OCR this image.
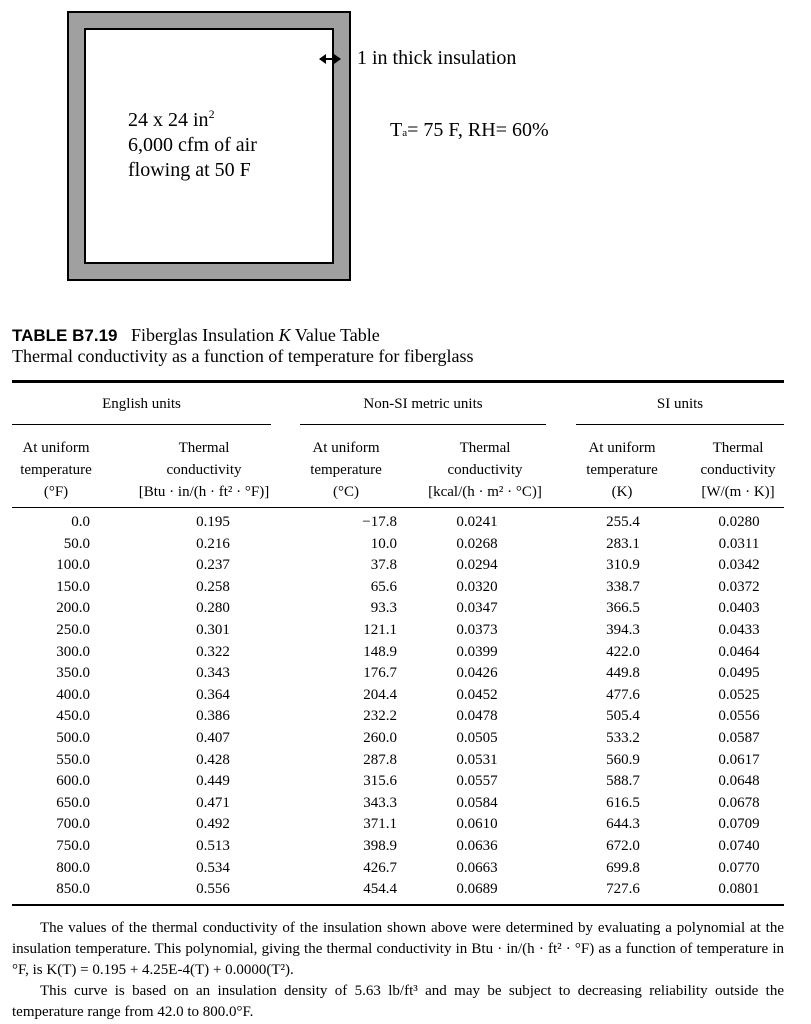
24 x 24 $in^2$
6,000 cfm of air
flowing at 50 F
1 in thick insulation
Ta= 75 F, RH= 60%
TABLE B7.19 Fiberglas Insulation K Value Table
Thermal conductivity as a function of temperature for fiberglass
English units	Non-SI metric units	SI units
At uniform
temperature
(°F)
Thermal
conductivity
[Btu · in/(h · ft² · °F)]
At uniform
temperature
(°C)
Thermal
conductivity
[kcal/(h · m² · °C)]
At uniform
temperature
(K)
Thermal
conductivity
[W/(m · K)]
0.0	0.195	−17.8	0.0241	255.4	0.0280
50.0	0.216	10.0	0.0268	283.1	0.0311
100.0	0.237	37.8	0.0294	310.9	0.0342
150.0	0.258	65.6	0.0320	338.7	0.0372
200.0	0.280	93.3	0.0347	366.5	0.0403
250.0	0.301	121.1	0.0373	394.3	0.0433
300.0	0.322	148.9	0.0399	422.0	0.0464
350.0	0.343	176.7	0.0426	449.8	0.0495
400.0	0.364	204.4	0.0452	477.6	0.0525
450.0	0.386	232.2	0.0478	505.4	0.0556
500.0	0.407	260.0	0.0505	533.2	0.0587
550.0	0.428	287.8	0.0531	560.9	0.0617
600.0	0.449	315.6	0.0557	588.7	0.0648
650.0	0.471	343.3	0.0584	616.5	0.0678
700.0	0.492	371.1	0.0610	644.3	0.0709
750.0	0.513	398.9	0.0636	672.0	0.0740
800.0	0.534	426.7	0.0663	699.8	0.0770
850.0	0.556	454.4	0.0689	727.6	0.0801

The values of the thermal conductivity of the insulation shown above were determined by evaluating a polynomial at the insulation temperature. This polynomial, giving the thermal conductivity in Btu · in/(h · ft² · °F) as a function of temperature in °F, is K(T) = 0.195 + 4.25E-4(T) + 0.0000(T²).

This curve is based on an insulation density of 5.63 lb/ft³ and may be subject to decreasing reliability outside the temperature range from 42.0 to 800.0°F.
